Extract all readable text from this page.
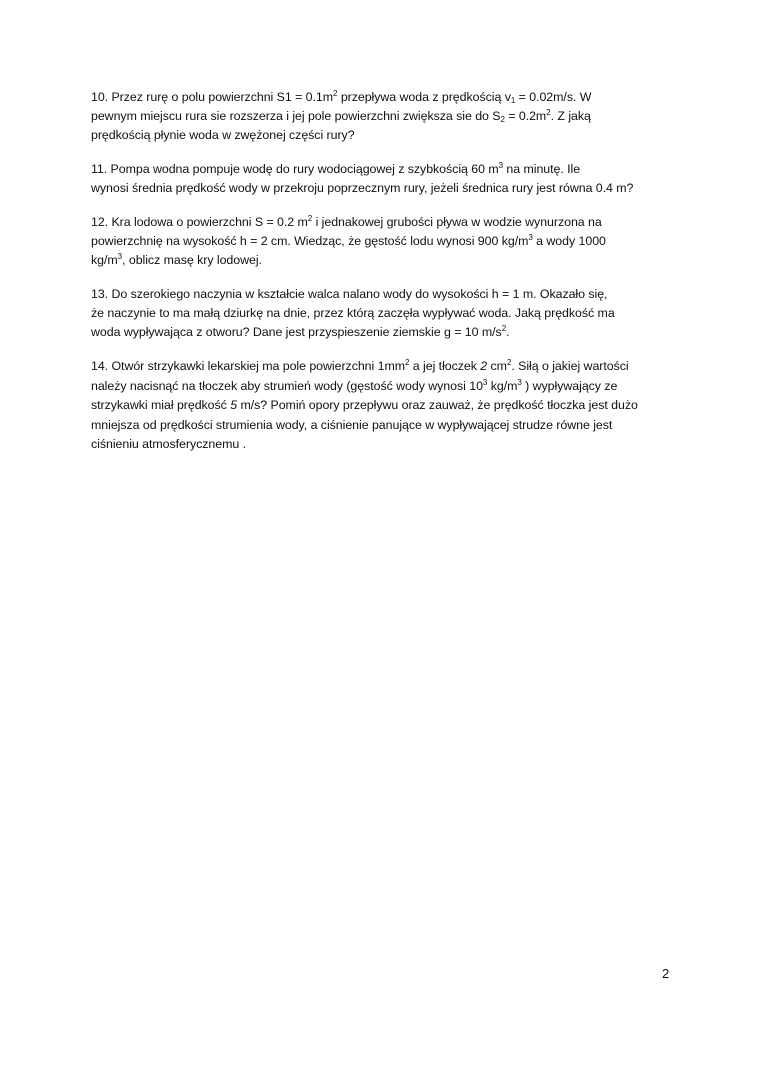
10. Przez rurę o polu powierzchni $S1 = 0.1m^2$ przepływa woda z prędkością $v_1 = 0.02m/s$. W
pewnym miejscu rura sie rozszerza i jej pole powierzchni zwiększa sie do $S_2 = 0.2m^2$. Z jaką
prędkością płynie woda w zwężonej części rury?
11. Pompa wodna pompuje wodę do rury wodociągowej z szybkością 60 $m^3$ na minutę. Ile
wynosi średnia prędkość wody w przekroju poprzecznym rury, jeżeli średnica rury jest równa 0.4 m?
12. Kra lodowa o powierzchni S = 0.2 $m^2$ i jednakowej grubości pływa w wodzie wynurzona na
powierzchnię na wysokość h = 2 cm. Wiedząc, że gęstość lodu wynosi 900 $kg/m^3$ a wody 1000
$kg/m^3$, oblicz masę kry lodowej.
13. Do szerokiego naczynia w kształcie walca nalano wody do wysokości h = 1 m. Okazało się,
że naczynie to ma małą dziurkę na dnie, przez którą zaczęła wypływać woda. Jaką prędkość ma
woda wypływająca z otworu? Dane jest przyspieszenie ziemskie g = 10 $m/s^2$.
14. Otwór strzykawki lekarskiej ma pole powierzchni $1mm^2$ a jej tłoczek 2 $cm^2$. Siłą o jakiej wartości
należy nacisnąć na tłoczek aby strumień wody (gęstość wody wynosi $10^3$ $kg/m^3$ ) wypływający ze
strzykawki miał prędkość 5 m/s? Pomiń opory przepływu oraz zauważ, że prędkość tłoczka jest dużo
mniejsza od prędkości strumienia wody, a ciśnienie panujące w wypływającej strudze równe jest
ciśnieniu atmosferycznemu .
2
